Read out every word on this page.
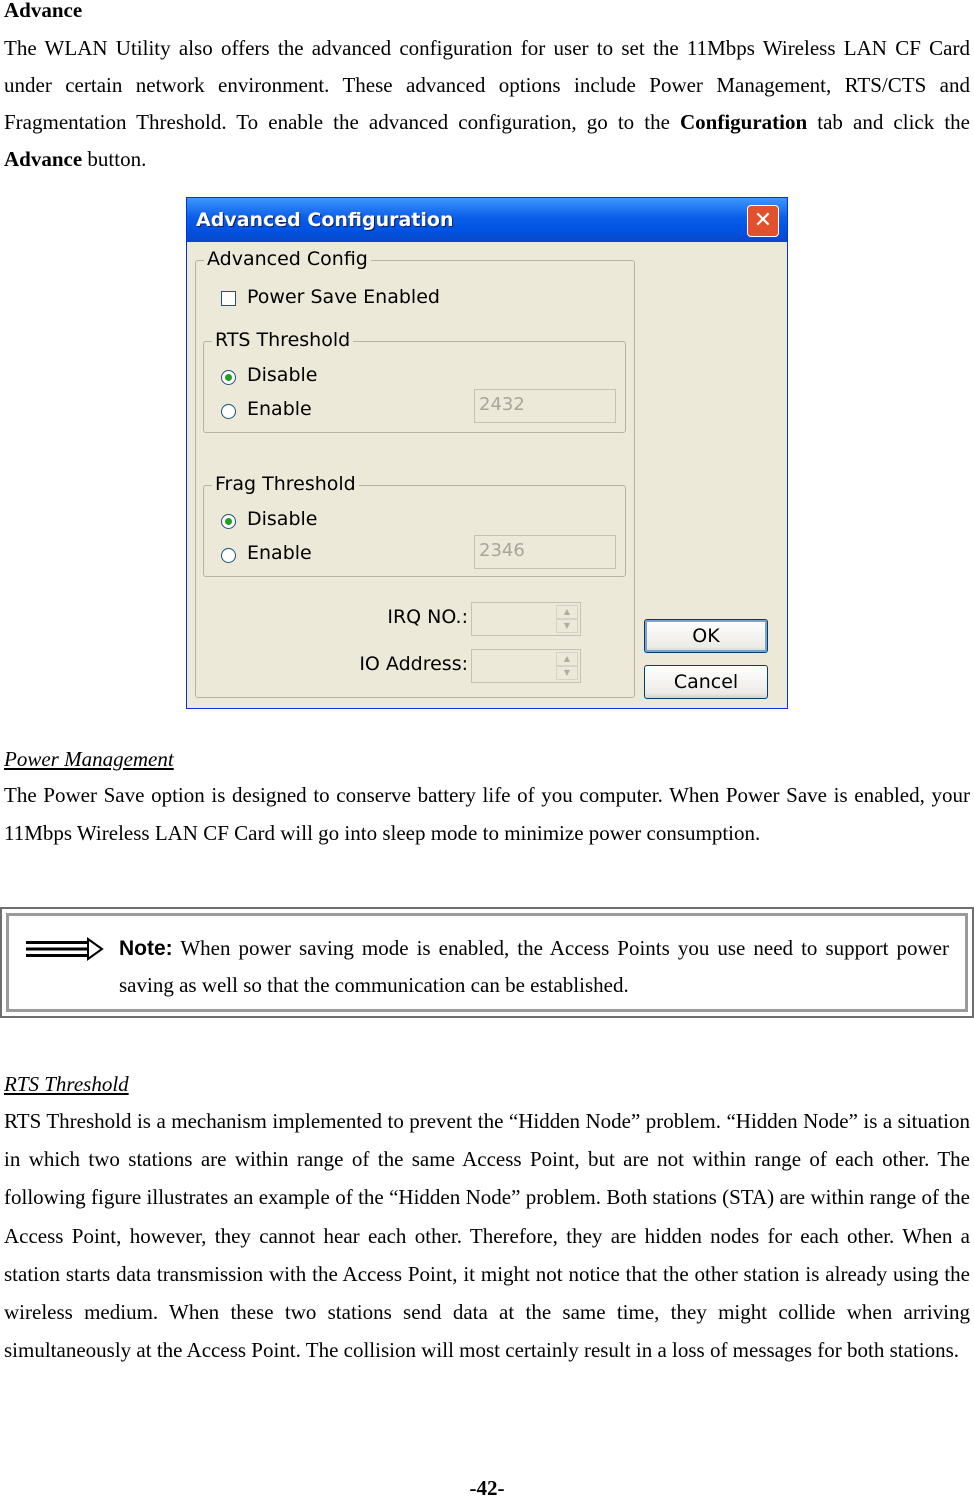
Advance

The WLAN Utility also offers the advanced configuration for user to set the 11Mbps Wireless LAN CF Card under certain network environment. These advanced options include Power Management, RTS/CTS and Fragmentation Threshold. To enable the advanced configuration, go to the Configuration tab and click the Advance button.

Advanced Configuration	✕
Advanced Config
Power Save Enabled
RTS Threshold
Disable
Enable	2432
Frag Threshold
Disable
Enable	2346
IRQ NO.:	▲
▼
IO Address:	▲
▼
OK
Cancel
Power Management

The Power Save option is designed to conserve battery life of you computer. When Power Save is enabled, your 11Mbps Wireless LAN CF Card will go into sleep mode to minimize power consumption.

Note: When power saving mode is enabled, the Access Points you use need to support power saving as well so that the communication can be established.
RTS Threshold

RTS Threshold is a mechanism implemented to prevent the “Hidden Node” problem. “Hidden Node” is a situation in which two stations are within range of the same Access Point, but are not within range of each other. The following figure illustrates an example of the “Hidden Node” problem. Both stations (STA) are within range of the Access Point, however, they cannot hear each other. Therefore, they are hidden nodes for each other. When a station starts data transmission with the Access Point, it might not notice that the other station is already using the wireless medium. When these two stations send data at the same time, they might collide when arriving simultaneously at the Access Point. The collision will most certainly result in a loss of messages for both stations.

-42-
